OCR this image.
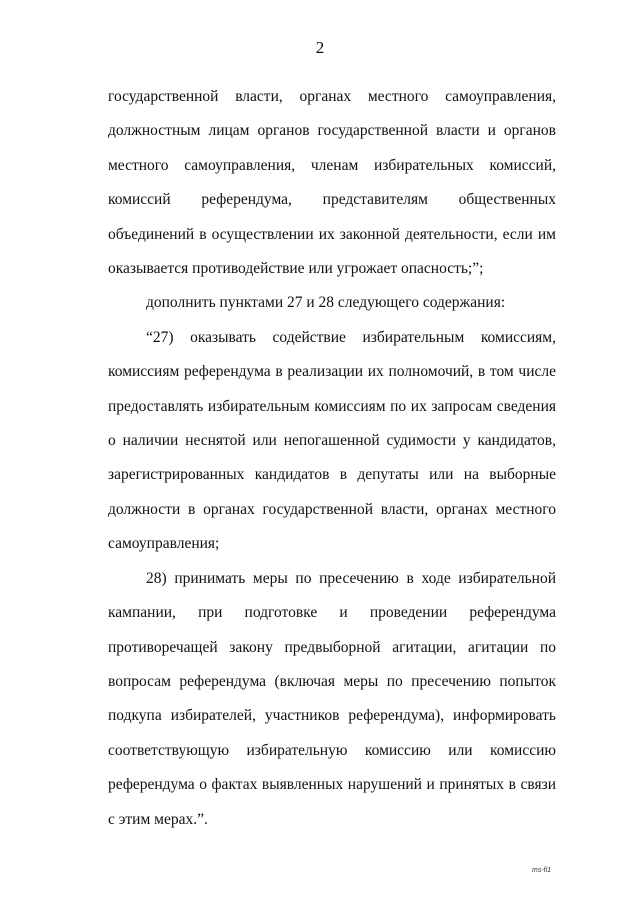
2

государственной власти, органах местного самоуправления, должностным лицам органов государственной власти и органов местного самоуправления, членам избирательных комиссий, комиссий референдума, представителям общественных объединений в осуществлении их законной деятельности, если им оказывается противодействие или угрожает опасность;”;

дополнить пунктами 27 и 28 следующего содержания:

“27) оказывать содействие избирательным комиссиям, комиссиям референдума в реализации их полномочий, в том числе предоставлять избирательным комиссиям по их запросам сведения о наличии неснятой или непогашенной судимости у кандидатов, зарегистрированных кандидатов в депутаты или на выборные должности в органах государственной власти, органах местного самоуправления;

28) принимать меры по пресечению в ходе избирательной кампании, при подготовке и проведении референдума противоречащей закону предвыборной агитации, агитации по вопросам референдума (включая меры по пресечению попыток подкупа избирателей, участников референдума), информировать соответствующую избирательную комиссию или комиссию референдума о фактах выявленных нарушений и принятых в связи с этим мерах.”.

ms-fi1
